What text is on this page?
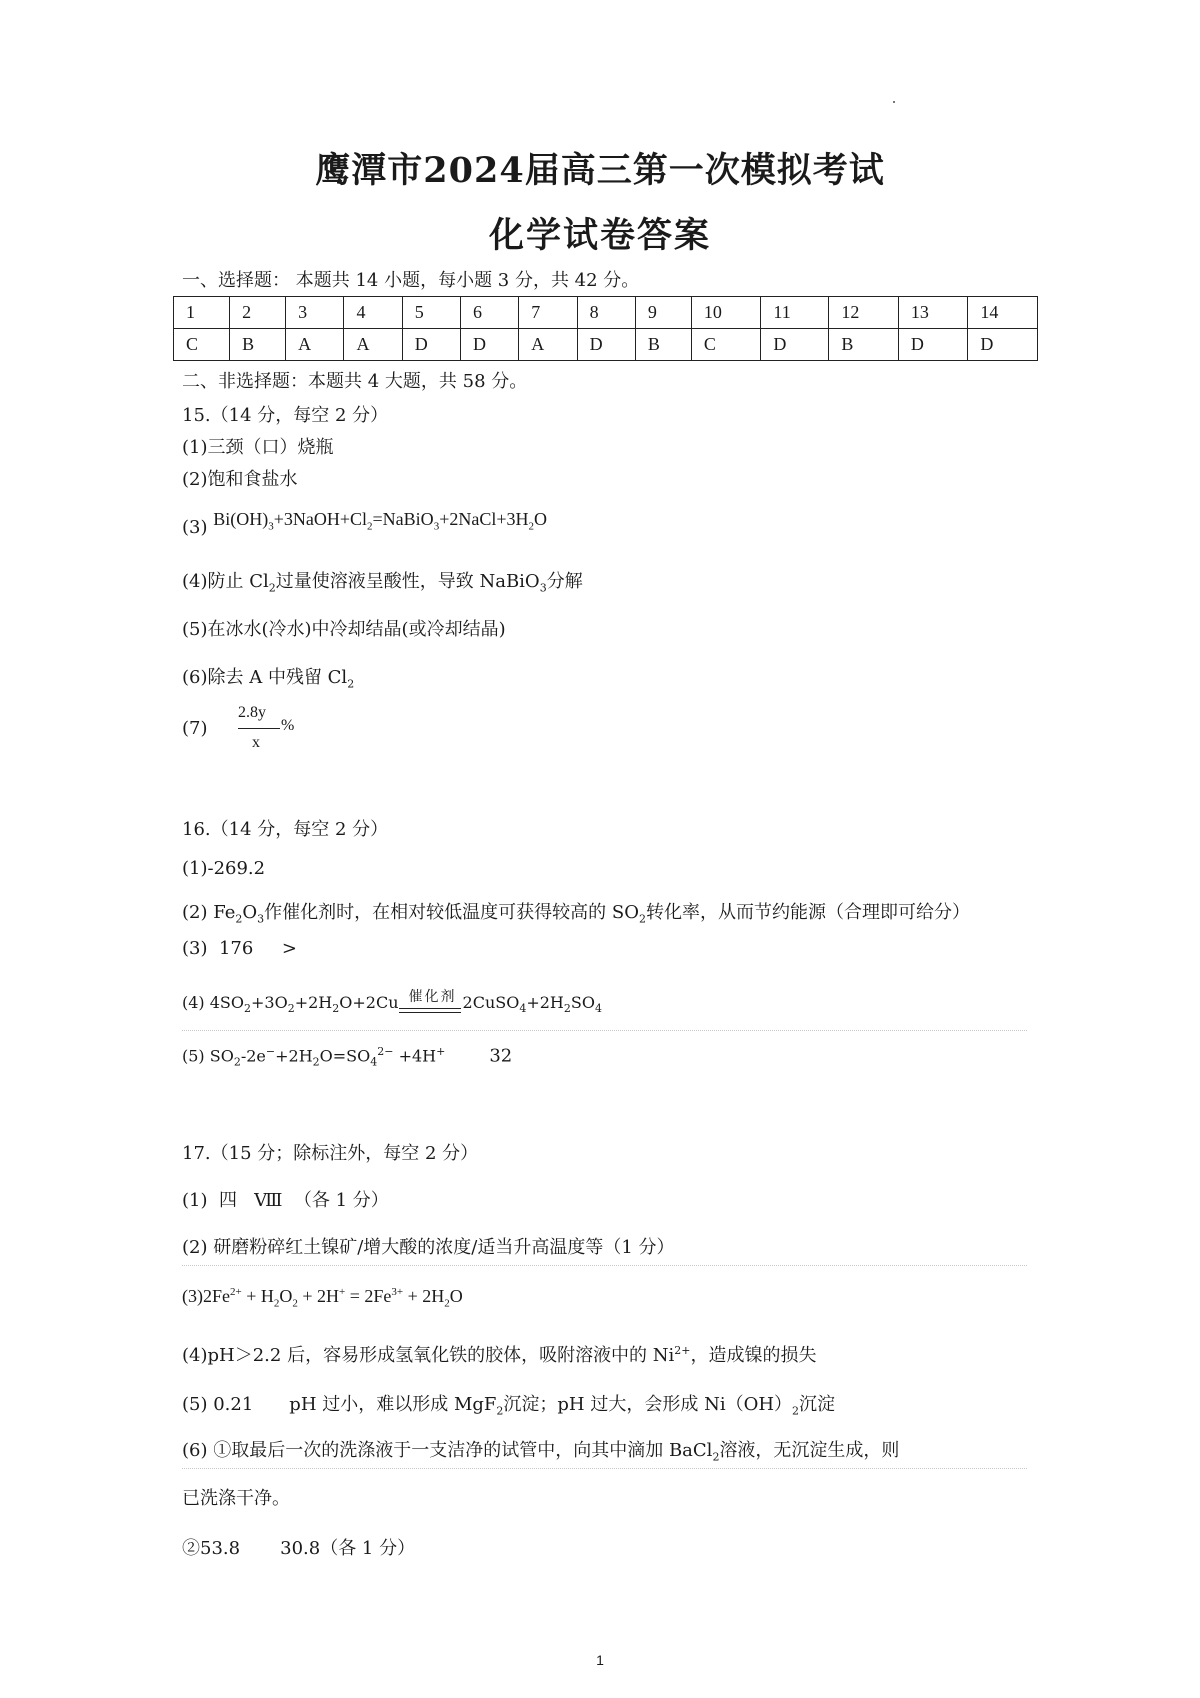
鹰潭市2024届高三第一次模拟考试
化学试卷答案
一、选择题： 本题共 14 小题，每小题 3 分，共 42 分。
1	2	3	4	5	6	7	8	9	10	11	12	13	14
C	B	A	A	D	D	A	D	B	C	D	B	D	D
二、非选择题：本题共 4 大题，共 58 分。
15.（14 分，每空 2 分）
(1)三颈（口）烧瓶
(2)饱和食盐水
(3) $Bi(OH)_3+3NaOH+Cl_2=NaBiO_3+2NaCl+3H_2O$
(4)防止 $Cl_2$过量使溶液呈酸性，导致 NaBiO$_3$分解
(5)在冰水(冷水)中冷却结晶(或冷却结晶)
(6)除去 A 中残留 $Cl_2$
(7)
2.8y
x
%
16.（14 分，每空 2 分）
(1)-269.2
(2) $Fe_2O_3$作催化剂时，在相对较低温度可获得较高的 $SO_2$转化率，从而节约能源（合理即可给分）
(3)  176     >
(4) $4SO_2+3O_2+2H_2O+2Cu$ 催化剂 $2CuSO_4+2H_2SO_4$
(5) $SO_2-2e^-+2H_2O=SO_4^{2-} +4H^+$ 32
17.（15 分；除标注外，每空 2 分）
(1)  四   Ⅷ  （各 1 分）
(2) 研磨粉碎红土镍矿/增大酸的浓度/适当升高温度等（1 分）
$(3)2Fe^{2+} + H_2O_2 + 2H^+ = 2Fe^{3+} + 2H_2O$
(4)pH＞2.2 后，容易形成氢氧化铁的胶体，吸附溶液中的 $Ni^{2+}$，造成镍的损失
(5) 0.21 pH 过小，难以形成 MgF$_2$沉淀；pH 过大，会形成 $Ni(OH)_2$沉淀
(6) ①取最后一次的洗涤液于一支洁净的试管中，向其中滴加 BaCl$_2$溶液，无沉淀生成，则
已洗涤干净。
②53.8       30.8（各 1 分）
1
